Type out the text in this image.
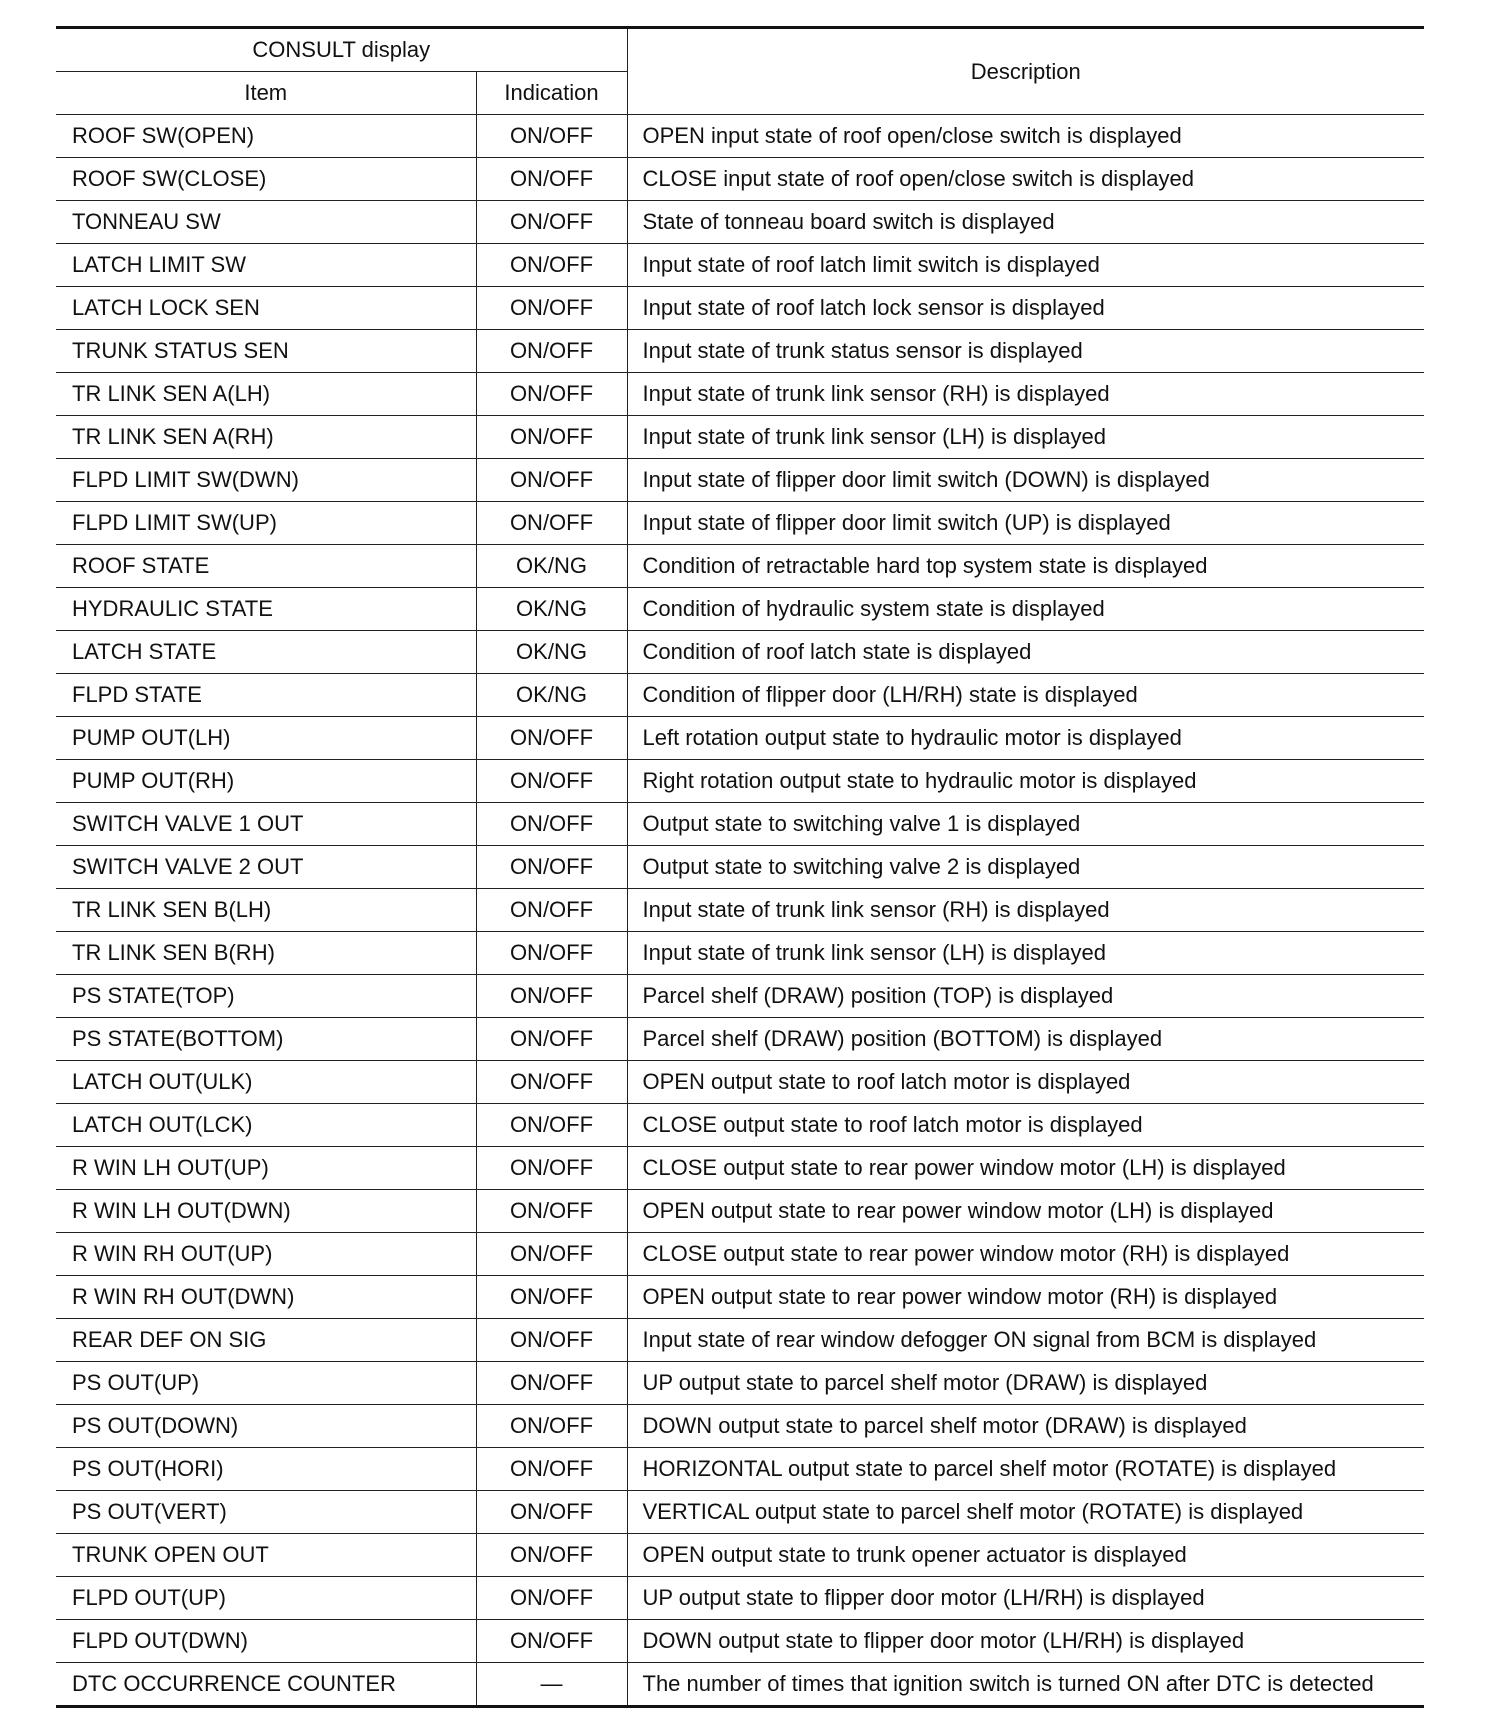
CONSULT display		Description
Item	Indication	
ROOF SW(OPEN)	ON/OFF	OPEN input state of roof open/close switch is displayed
ROOF SW(CLOSE)	ON/OFF	CLOSE input state of roof open/close switch is displayed
TONNEAU SW	ON/OFF	State of tonneau board switch is displayed
LATCH LIMIT SW	ON/OFF	Input state of roof latch limit switch is displayed
LATCH LOCK SEN	ON/OFF	Input state of roof latch lock sensor is displayed
TRUNK STATUS SEN	ON/OFF	Input state of trunk status sensor is displayed
TR LINK SEN A(LH)	ON/OFF	Input state of trunk link sensor (RH) is displayed
TR LINK SEN A(RH)	ON/OFF	Input state of trunk link sensor (LH) is displayed
FLPD LIMIT SW(DWN)	ON/OFF	Input state of flipper door limit switch (DOWN) is displayed
FLPD LIMIT SW(UP)	ON/OFF	Input state of flipper door limit switch (UP) is displayed
ROOF STATE	OK/NG	Condition of retractable hard top system state is displayed
HYDRAULIC STATE	OK/NG	Condition of hydraulic system state is displayed
LATCH STATE	OK/NG	Condition of roof latch state is displayed
FLPD STATE	OK/NG	Condition of flipper door (LH/RH) state is displayed
PUMP OUT(LH)	ON/OFF	Left rotation output state to hydraulic motor is displayed
PUMP OUT(RH)	ON/OFF	Right rotation output state to hydraulic motor is displayed
SWITCH VALVE 1 OUT	ON/OFF	Output state to switching valve 1 is displayed
SWITCH VALVE 2 OUT	ON/OFF	Output state to switching valve 2 is displayed
TR LINK SEN B(LH)	ON/OFF	Input state of trunk link sensor (RH) is displayed
TR LINK SEN B(RH)	ON/OFF	Input state of trunk link sensor (LH) is displayed
PS STATE(TOP)	ON/OFF	Parcel shelf (DRAW) position (TOP) is displayed
PS STATE(BOTTOM)	ON/OFF	Parcel shelf (DRAW) position (BOTTOM) is displayed
LATCH OUT(ULK)	ON/OFF	OPEN output state to roof latch motor is displayed
LATCH OUT(LCK)	ON/OFF	CLOSE output state to roof latch motor is displayed
R WIN LH OUT(UP)	ON/OFF	CLOSE output state to rear power window motor (LH) is displayed
R WIN LH OUT(DWN)	ON/OFF	OPEN output state to rear power window motor (LH) is displayed
R WIN RH OUT(UP)	ON/OFF	CLOSE output state to rear power window motor (RH) is displayed
R WIN RH OUT(DWN)	ON/OFF	OPEN output state to rear power window motor (RH) is displayed
REAR DEF ON SIG	ON/OFF	Input state of rear window defogger ON signal from BCM is displayed
PS OUT(UP)	ON/OFF	UP output state to parcel shelf motor (DRAW) is displayed
PS OUT(DOWN)	ON/OFF	DOWN output state to parcel shelf motor (DRAW) is displayed
PS OUT(HORI)	ON/OFF	HORIZONTAL output state to parcel shelf motor (ROTATE) is displayed
PS OUT(VERT)	ON/OFF	VERTICAL output state to parcel shelf motor (ROTATE) is displayed
TRUNK OPEN OUT	ON/OFF	OPEN output state to trunk opener actuator is displayed
FLPD OUT(UP)	ON/OFF	UP output state to flipper door motor (LH/RH) is displayed
FLPD OUT(DWN)	ON/OFF	DOWN output state to flipper door motor (LH/RH) is displayed
DTC OCCURRENCE COUNTER	—	The number of times that ignition switch is turned ON after DTC is detected
